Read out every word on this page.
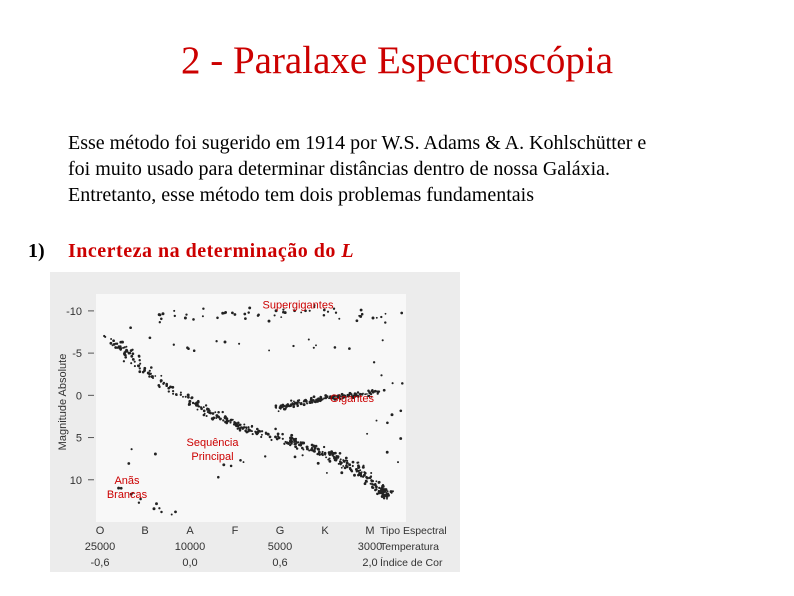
2 - Paralaxe Espectroscópia
Esse método foi sugerido em 1914 por W.S. Adams & A. Kohlschütter e
foi muito usado para determinar distâncias dentro de nossa Galáxia.
Entretanto, esse método tem dois problemas fundamentais
1) Incerteza na determinação do L
-5
0
5
10
-10
Supergigantes
Gigantes
Sequência
Principal
Anãs
Brancas
O	B	A	F	G	K	M
25000	10000	5000	3000
-0,6	0,0	0,6	2,0
Tipo Espectral
Temperatura
Índice de Cor
Magnitude Absolute
